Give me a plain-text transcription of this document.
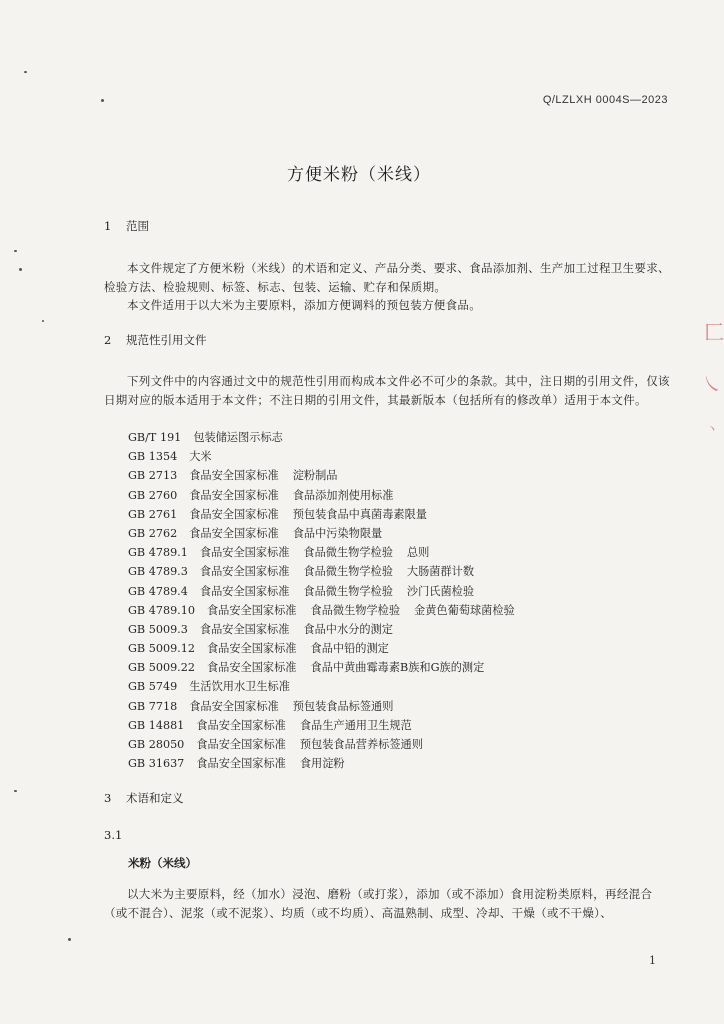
匚
㇏
丶
Q/LZLXH 0004S—2023
方便米粉（米线）
1 范围
本文件规定了方便米粉（米线）的术语和定义、产品分类、要求、食品添加剂、生产加工过程卫生要求、检验方法、检验规则、标签、标志、包装、运输、贮存和保质期。
本文件适用于以大米为主要原料，添加方便调料的预包装方便食品。
2 规范性引用文件
下列文件中的内容通过文中的规范性引用而构成本文件必不可少的条款。其中，注日期的引用文件，仅该日期对应的版本适用于本文件；不注日期的引用文件，其最新版本（包括所有的修改单）适用于本文件。
GB/T 191 包装储运图示标志
GB 1354 大米
GB 2713 食品安全国家标准 淀粉制品
GB 2760 食品安全国家标准 食品添加剂使用标准
GB 2761 食品安全国家标准 预包装食品中真菌毒素限量
GB 2762 食品安全国家标准 食品中污染物限量
GB 4789.1 食品安全国家标准 食品微生物学检验 总则
GB 4789.3 食品安全国家标准 食品微生物学检验 大肠菌群计数
GB 4789.4 食品安全国家标准 食品微生物学检验 沙门氏菌检验
GB 4789.10 食品安全国家标准 食品微生物学检验 金黄色葡萄球菌检验
GB 5009.3 食品安全国家标准 食品中水分的测定
GB 5009.12 食品安全国家标准 食品中铅的测定
GB 5009.22 食品安全国家标准 食品中黄曲霉毒素B族和G族的测定
GB 5749 生活饮用水卫生标准
GB 7718 食品安全国家标准 预包装食品标签通则
GB 14881 食品安全国家标准 食品生产通用卫生规范
GB 28050 食品安全国家标准 预包装食品营养标签通则
GB 31637 食品安全国家标准 食用淀粉
3 术语和定义
3.1
米粉（米线）
以大米为主要原料，经（加水）浸泡、磨粉（或打浆），添加（或不添加）食用淀粉类原料，再经混合（或不混合）、泥浆（或不泥浆）、均质（或不均质）、高温熟制、成型、冷却、干燥（或不干燥）、
1
